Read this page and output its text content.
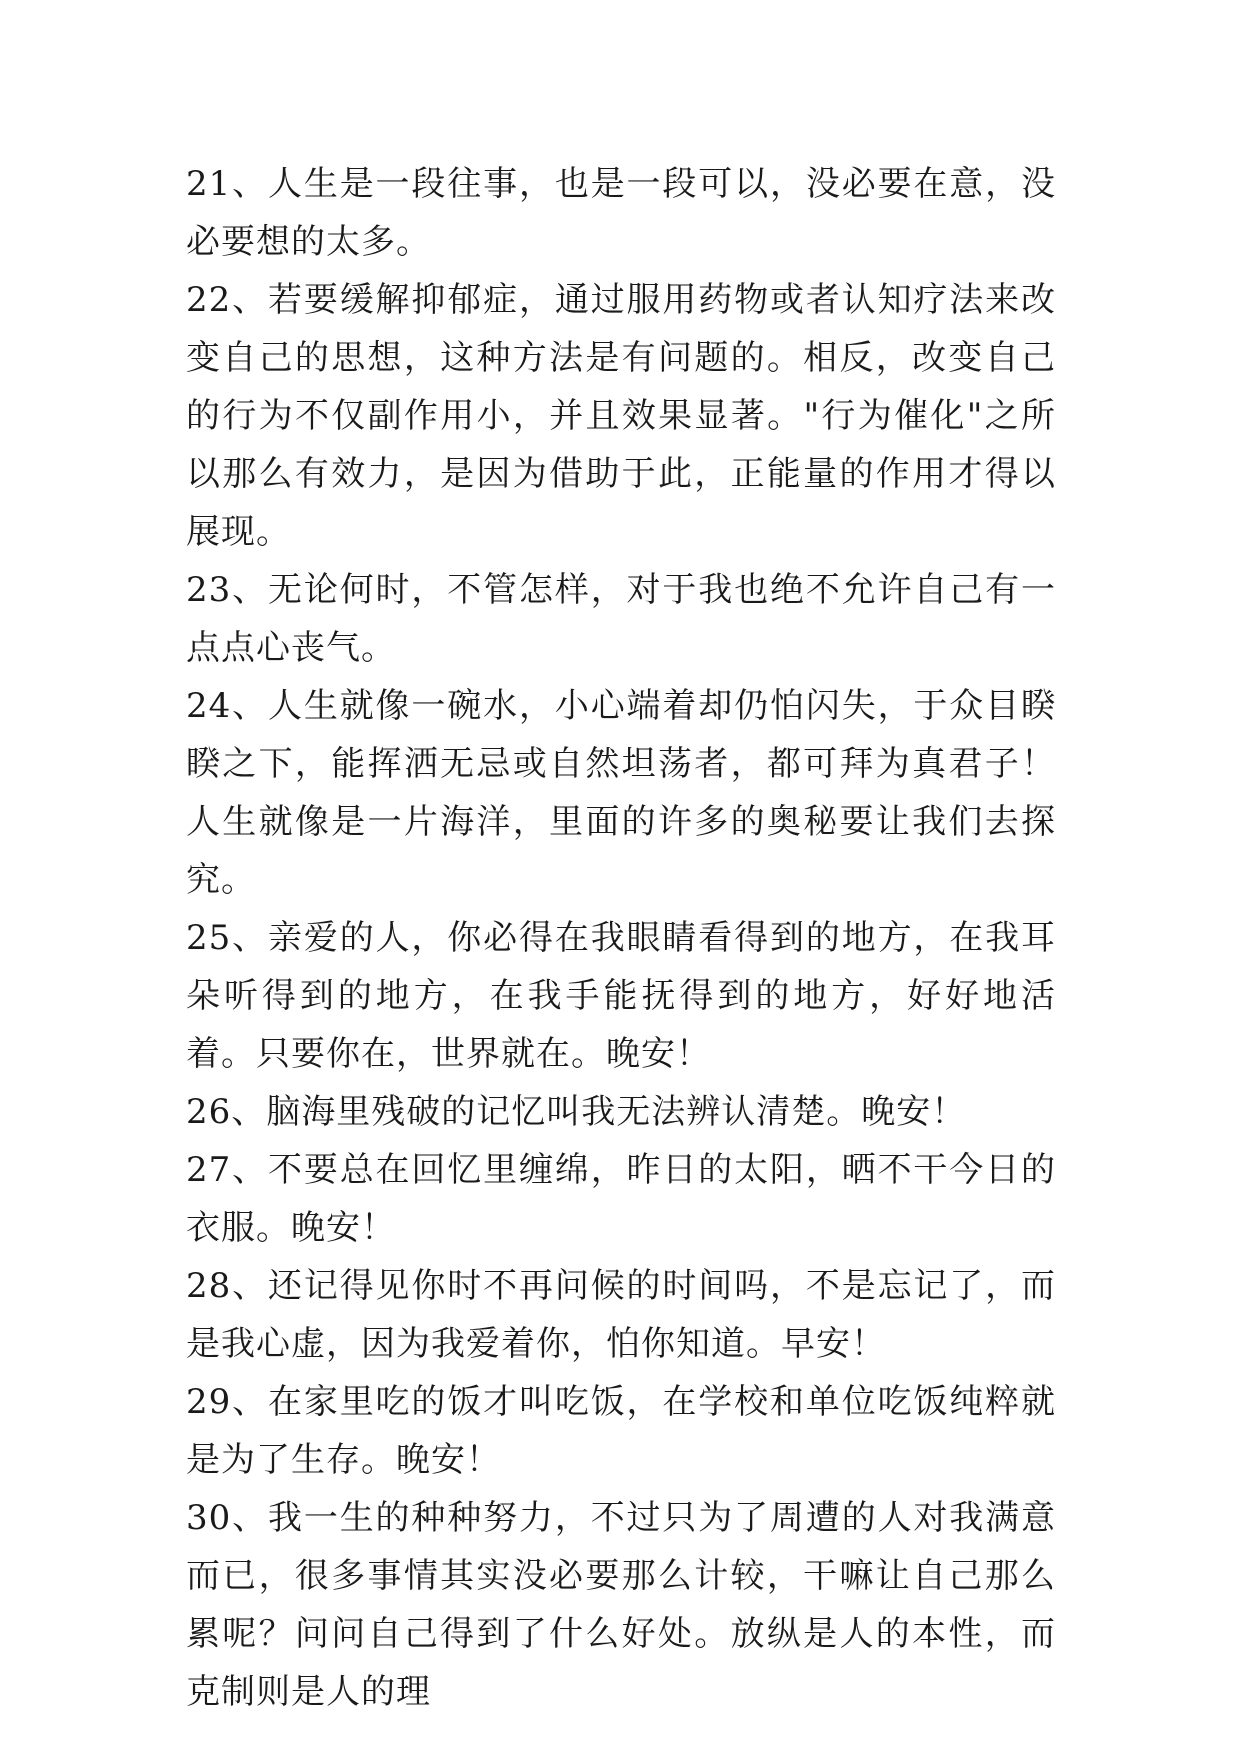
21、人生是一段往事，也是一段可以，没必要在意，没必要想的太多。

22、若要缓解抑郁症，通过服用药物或者认知疗法来改变自己的思想，这种方法是有问题的。相反，改变自己的行为不仅副作用小，并且效果显著。"行为催化"之所以那么有效力，是因为借助于此，正能量的作用才得以展现。

23、无论何时，不管怎样，对于我也绝不允许自己有一点点心丧气。

24、人生就像一碗水，小心端着却仍怕闪失，于众目睽睽之下，能挥洒无忌或自然坦荡者，都可拜为真君子！人生就像是一片海洋，里面的许多的奥秘要让我们去探究。

25、亲爱的人，你必得在我眼睛看得到的地方，在我耳朵听得到的地方，在我手能抚得到的地方，好好地活着。只要你在，世界就在。晚安！

26、脑海里残破的记忆叫我无法辨认清楚。晚安！

27、不要总在回忆里缠绵，昨日的太阳，晒不干今日的衣服。晚安！

28、还记得见你时不再问候的时间吗，不是忘记了，而是我心虚，因为我爱着你，怕你知道。早安！

29、在家里吃的饭才叫吃饭，在学校和单位吃饭纯粹就是为了生存。晚安！

30、我一生的种种努力，不过只为了周遭的人对我满意而已，很多事情其实没必要那么计较，干嘛让自己那么累呢？问问自己得到了什么好处。放纵是人的本性，而克制则是人的理
